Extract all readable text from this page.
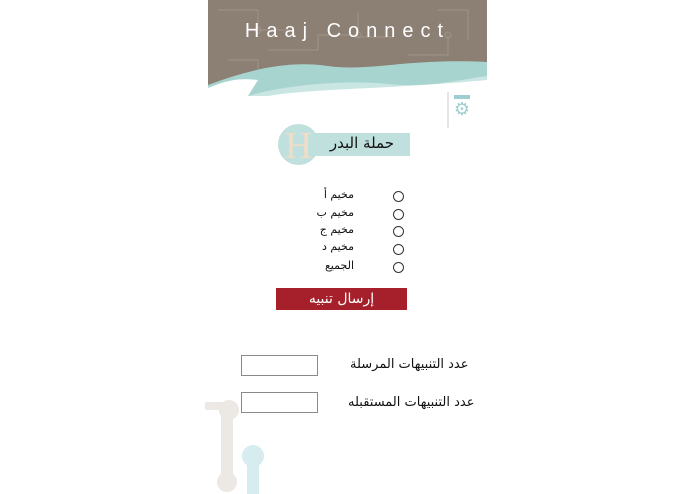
Haaj Connect
⚙
حملة البدر
H
مخيم أ
مخيم ب
مخيم ج
مخيم د
الجميع
إرسال تنبيه
عدد التنبيهات المرسلة
عدد التنبيهات المستقبله
